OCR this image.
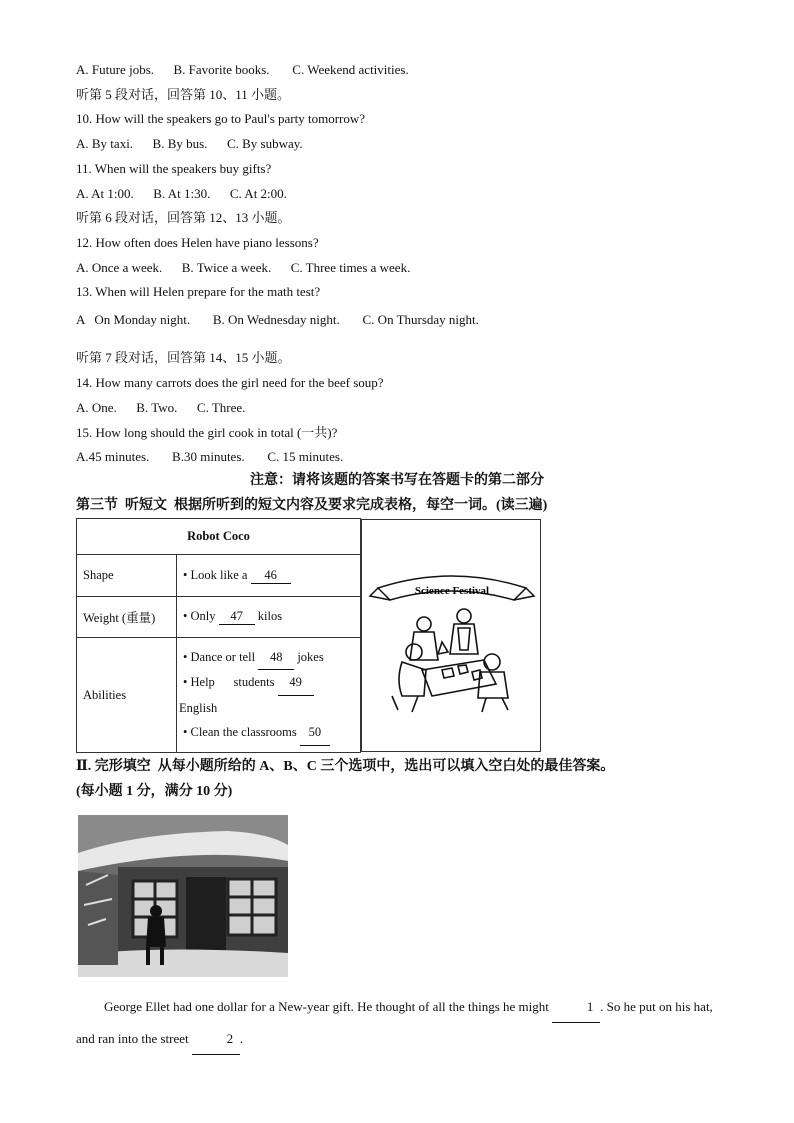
A. Future jobs.      B. Favorite books.       C. Weekend activities.
听第 5 段对话，回答第 10、11 小题。
10. How will the speakers go to Paul's party tomorrow?
A. By taxi.      B. By bus.      C. By subway.
11. When will the speakers buy gifts?
A. At 1:00.      B. At 1:30.      C. At 2:00.
听第 6 段对话，回答第 12、13 小题。
12. How often does Helen have piano lessons?
A. Once a week.      B. Twice a week.      C. Three times a week.
13. When will Helen prepare for the math test?
A   On Monday night.       B. On Wednesday night.       C. On Thursday night.
听第 7 段对话，回答第 14、15 小题。
14. How many carrots does the girl need for the beef soup?
A. One.      B. Two.      C. Three.
15. How long should the girl cook in total (一共)?
A.45 minutes.       B.30 minutes.       C. 15 minutes.
注意：请将该题的答案书写在答题卡的第二部分
第三节  听短文  根据所听到的短文内容及要求完成表格，每空一词。(读三遍)
Robot Coco	
Shape	• Look like a 46
Weight (重量)	• Only 47 kilos
Abilities	• Dance or tell 48 jokes
• Help      students 49
English
• Clean the classrooms 50
Science Festival
Ⅱ. 完形填空  从每小题所给的 A、B、C 三个选项中，选出可以填入空白处的最佳答案。
(每小题 1 分，满分 10 分)
George Ellet had one dollar for a New-year gift. He thought of all the things he might	1 . So he put on his hat, and ran into the street	2 .
